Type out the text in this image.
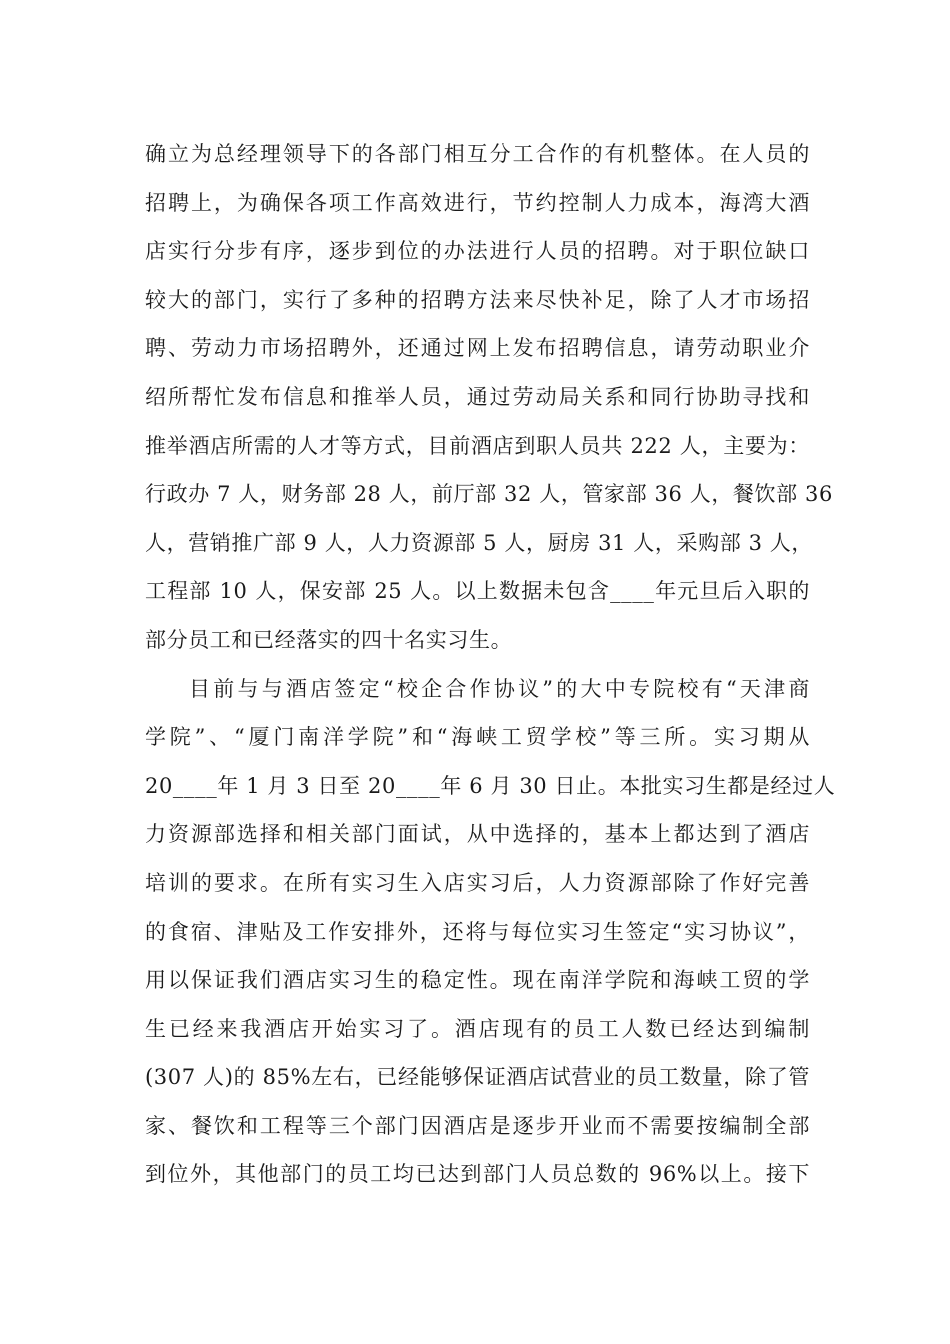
确立为总经理领导下的各部门相互分工合作的有机整体。在人员的
招聘上，为确保各项工作高效进行，节约控制人力成本，海湾大酒
店实行分步有序，逐步到位的办法进行人员的招聘。对于职位缺口
较大的部门，实行了多种的招聘方法来尽快补足，除了人才市场招
聘、劳动力市场招聘外，还通过网上发布招聘信息，请劳动职业介
绍所帮忙发布信息和推举人员，通过劳动局关系和同行协助寻找和
推举酒店所需的人才等方式，目前酒店到职人员共 222 人，主要为：
行政办 7 人，财务部 28 人，前厅部 32 人，管家部 36 人，餐饮部 36
人，营销推广部 9 人，人力资源部 5 人，厨房 31 人，采购部 3 人，
工程部 10 人，保安部 25 人。以上数据未包含____年元旦后入职的
部分员工和已经落实的四十名实习生。
目前与与酒店签定“校企合作协议”的大中专院校有“天津商
学院”、“厦门南洋学院”和“海峡工贸学校”等三所。实习期从
20____年 1 月 3 日至 20____年 6 月 30 日止。本批实习生都是经过人
力资源部选择和相关部门面试，从中选择的，基本上都达到了酒店
培训的要求。在所有实习生入店实习后，人力资源部除了作好完善
的食宿、津贴及工作安排外，还将与每位实习生签定“实习协议”，
用以保证我们酒店实习生的稳定性。现在南洋学院和海峡工贸的学
生已经来我酒店开始实习了。酒店现有的员工人数已经达到编制
(307 人)的 85%左右，已经能够保证酒店试营业的员工数量，除了管
家、餐饮和工程等三个部门因酒店是逐步开业而不需要按编制全部
到位外，其他部门的员工均已达到部门人员总数的 96%以上。接下
